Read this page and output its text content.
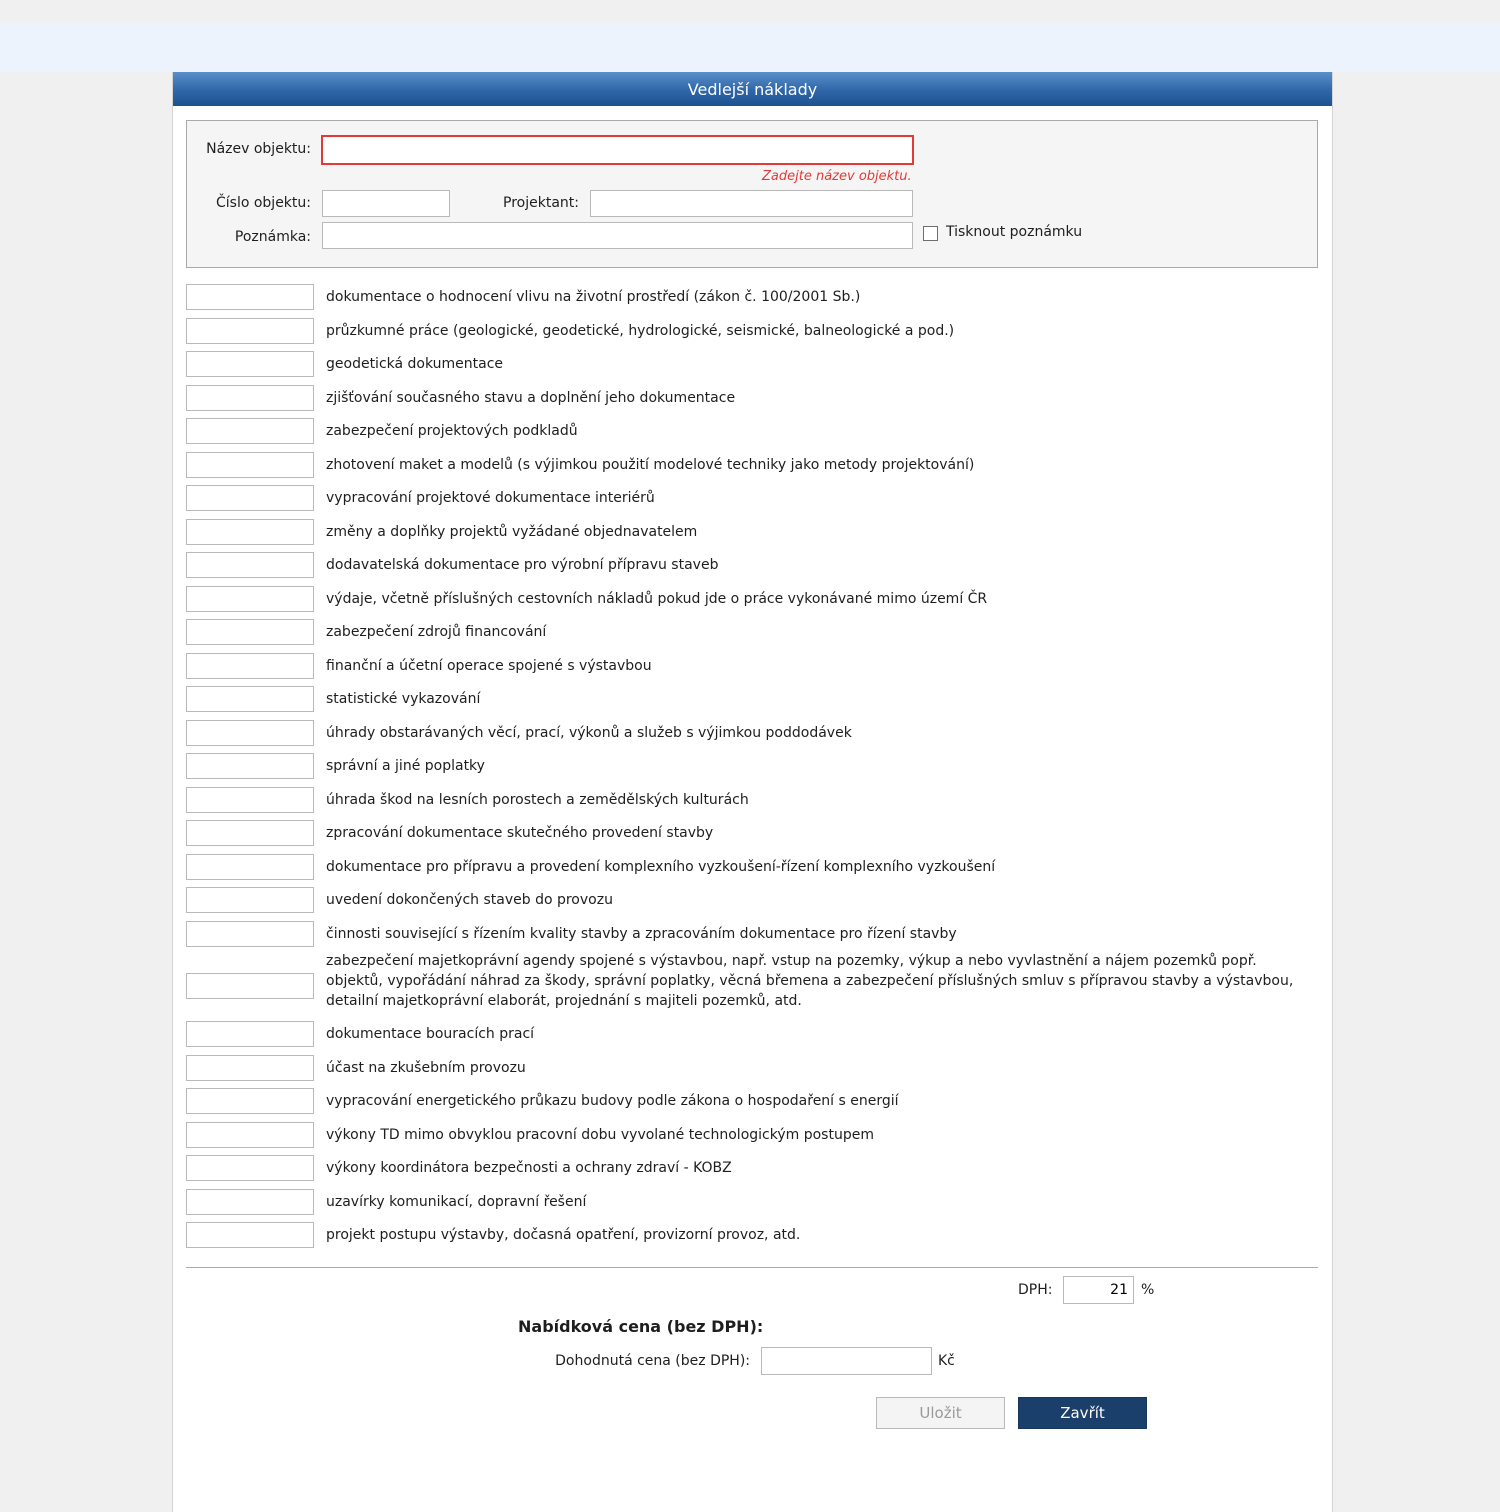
Vedlejší náklady
Název objektu:
Zadejte název objektu.
Číslo objektu:	Projektant:
Poznámka:	Tisknout poznámku
dokumentace o hodnocení vlivu na životní prostředí (zákon č. 100/2001 Sb.)
průzkumné práce (geologické, geodetické, hydrologické, seismické, balneologické a pod.)
geodetická dokumentace
zjišťování současného stavu a doplnění jeho dokumentace
zabezpečení projektových podkladů
zhotovení maket a modelů (s výjimkou použití modelové techniky jako metody projektování)
vypracování projektové dokumentace interiérů
změny a doplňky projektů vyžádané objednavatelem
dodavatelská dokumentace pro výrobní přípravu staveb
výdaje, včetně příslušných cestovních nákladů pokud jde o práce vykonávané mimo území ČR
zabezpečení zdrojů financování
finanční a účetní operace spojené s výstavbou
statistické vykazování
úhrady obstarávaných věcí, prací, výkonů a služeb s výjimkou poddodávek
správní a jiné poplatky
úhrada škod na lesních porostech a zemědělských kulturách
zpracování dokumentace skutečného provedení stavby
dokumentace pro přípravu a provedení komplexního vyzkoušení-řízení komplexního vyzkoušení
uvedení dokončených staveb do provozu
činnosti související s řízením kvality stavby a zpracováním dokumentace pro řízení stavby
zabezpečení majetkoprávní agendy spojené s výstavbou, např. vstup na pozemky, výkup a nebo vyvlastnění a nájem pozemků popř. objektů, vypořádání náhrad za škody, správní poplatky, věcná břemena a zabezpečení příslušných smluv s přípravou stavby a výstavbou, detailní majetkoprávní elaborát, projednání s majiteli pozemků, atd.
dokumentace bouracích prací
účast na zkušebním provozu
vypracování energetického průkazu budovy podle zákona o hospodaření s energií
výkony TD mimo obvyklou pracovní dobu vyvolané technologickým postupem
výkony koordinátora bezpečnosti a ochrany zdraví - KOBZ
uzavírky komunikací, dopravní řešení
projekt postupu výstavby, dočasná opatření, provizorní provoz, atd.
DPH:
21	%
Nabídková cena (bez DPH):
Dohodnutá cena (bez DPH):	Kč
Uložit	Zavřít
